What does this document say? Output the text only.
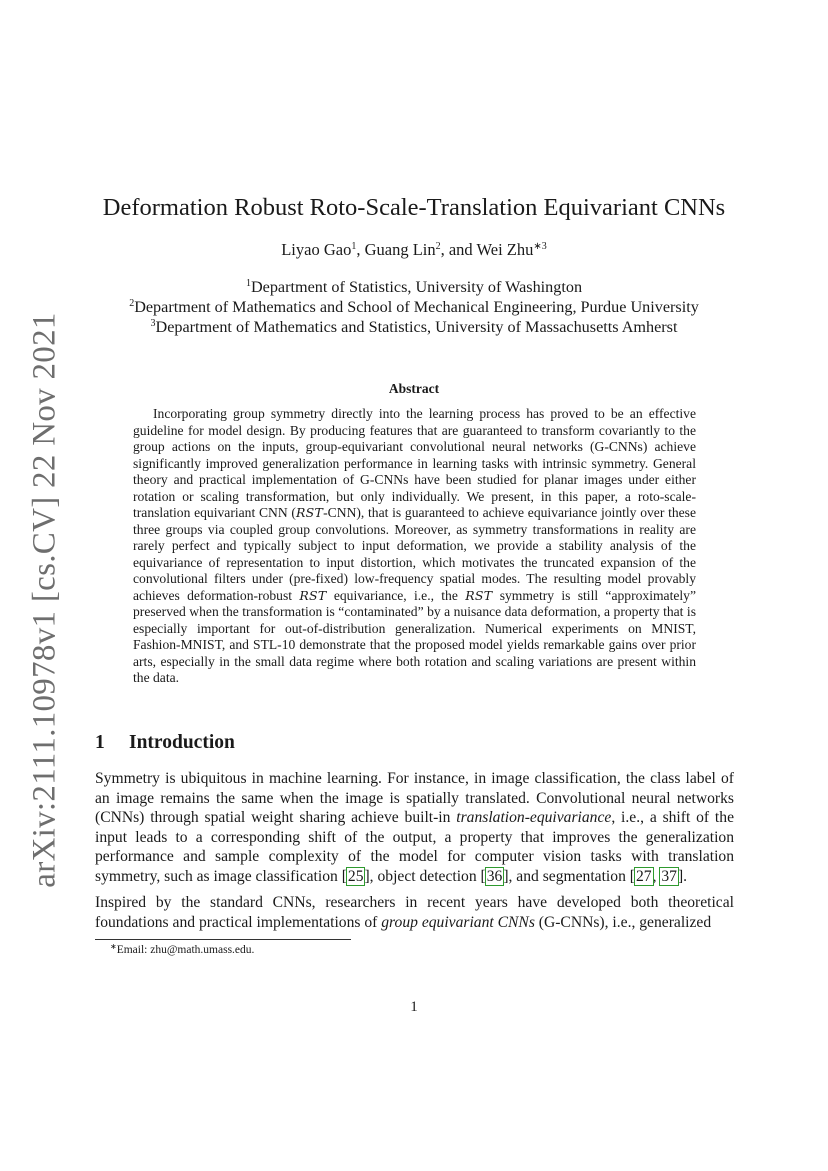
arXiv:2111.10978v1 [cs.CV] 22 Nov 2021
Deformation Robust Roto-Scale-Translation Equivariant CNNs
Liyao Gao$^1$, Guang Lin$^2$, and Wei Zhu$^{∗3}$
$^1$Department of Statistics, University of Washington
$^2$Department of Mathematics and School of Mechanical Engineering, Purdue University
$^3$Department of Mathematics and Statistics, University of Massachusetts Amherst
Abstract
Incorporating group symmetry directly into the learning process has proved to be an effective guideline for model design. By producing features that are guaranteed to transform covariantly to the group actions on the inputs, group-equivariant convolutional neural networks (G-CNNs) achieve significantly improved generalization performance in learning tasks with intrinsic symmetry. General theory and practical implementation of G-CNNs have been studied for planar images under either rotation or scaling transformation, but only individually. We present, in this paper, a roto-scale-translation equivariant CNN (RST-CNN), that is guaranteed to achieve equivariance jointly over these three groups via coupled group convolutions. Moreover, as symmetry transformations in reality are rarely perfect and typically subject to input deformation, we provide a stability analysis of the equivariance of representation to input distortion, which motivates the truncated expansion of the convolutional filters under (pre-fixed) low-frequency spatial modes. The resulting model provably achieves deformation-robust RST equivariance, i.e., the RST symmetry is still “approximately” preserved when the transformation is “contaminated” by a nuisance data deformation, a property that is especially important for out-of-distribution generalization. Numerical experiments on MNIST, Fashion-MNIST, and STL-10 demonstrate that the proposed model yields remarkable gains over prior arts, especially in the small data regime where both rotation and scaling variations are present within the data.
1 Introduction
Symmetry is ubiquitous in machine learning. For instance, in image classification, the class label of an image remains the same when the image is spatially translated. Convolutional neural networks (CNNs) through spatial weight sharing achieve built-in translation-equivariance, i.e., a shift of the input leads to a corresponding shift of the output, a property that improves the generalization performance and sample complexity of the model for computer vision tasks with translation symmetry, such as image classification [25], object detection [36], and segmentation [27, 37].
Inspired by the standard CNNs, researchers in recent years have developed both theoretical foundations and practical implementations of group equivariant CNNs (G-CNNs), i.e., generalized
∗Email: zhu@math.umass.edu.
1
